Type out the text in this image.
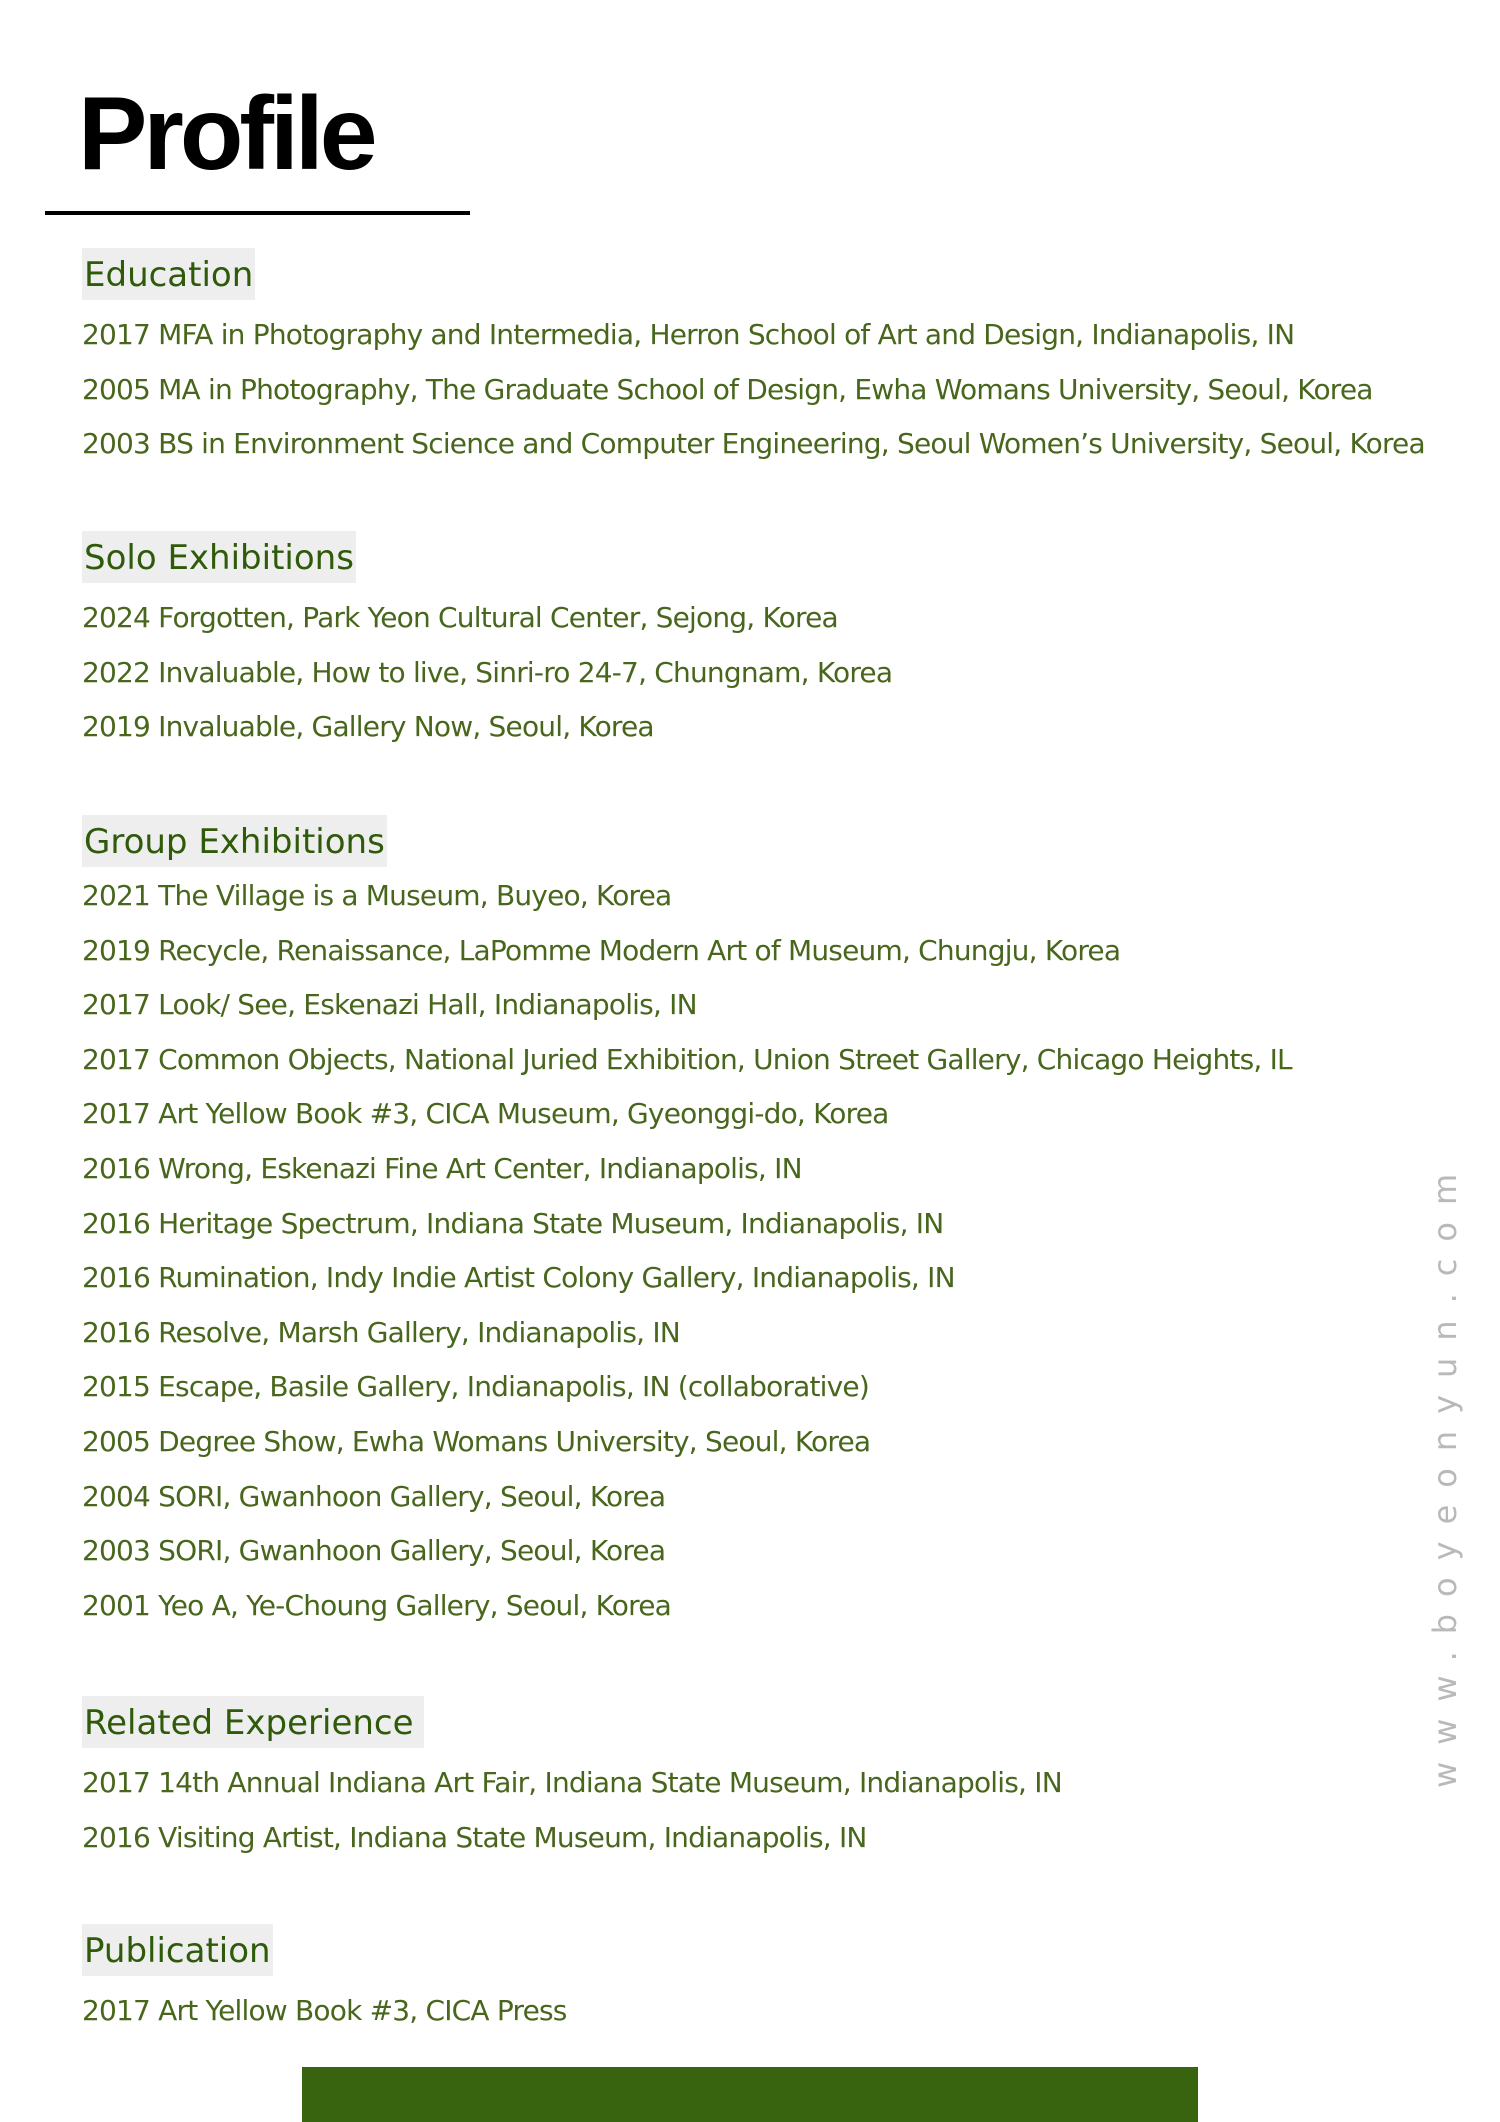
Profile
Education
2017 MFA in Photography and Intermedia, Herron School of Art and Design, Indianapolis, IN
2005 MA in Photography, The Graduate School of Design, Ewha Womans University, Seoul, Korea
2003 BS in Environment Science and Computer Engineering, Seoul Women’s University, Seoul, Korea
Solo Exhibitions
2024 Forgotten, Park Yeon Cultural Center, Sejong, Korea
2022 Invaluable, How to live, Sinri-ro 24-7, Chungnam, Korea
2019 Invaluable, Gallery Now, Seoul, Korea
Group Exhibitions
2021 The Village is a Museum, Buyeo, Korea
2019 Recycle, Renaissance, LaPomme Modern Art of Museum, Chungju, Korea
2017 Look/ See, Eskenazi Hall, Indianapolis, IN
2017 Common Objects, National Juried Exhibition, Union Street Gallery, Chicago Heights, IL
2017 Art Yellow Book #3, CICA Museum, Gyeonggi-do, Korea
2016 Wrong, Eskenazi Fine Art Center, Indianapolis, IN
2016 Heritage Spectrum, Indiana State Museum, Indianapolis, IN
2016 Rumination, Indy Indie Artist Colony Gallery, Indianapolis, IN
2016 Resolve, Marsh Gallery, Indianapolis, IN
2015 Escape, Basile Gallery, Indianapolis, IN (collaborative)
2005 Degree Show, Ewha Womans University, Seoul, Korea
2004 SORI, Gwanhoon Gallery, Seoul, Korea
2003 SORI, Gwanhoon Gallery, Seoul, Korea
2001 Yeo A, Ye-Choung Gallery, Seoul, Korea
Related Experience
2017 14th Annual Indiana Art Fair, Indiana State Museum, Indianapolis, IN
2016 Visiting Artist, Indiana State Museum, Indianapolis, IN
Publication
2017 Art Yellow Book #3, CICA Press
www.boyeonyun.com
